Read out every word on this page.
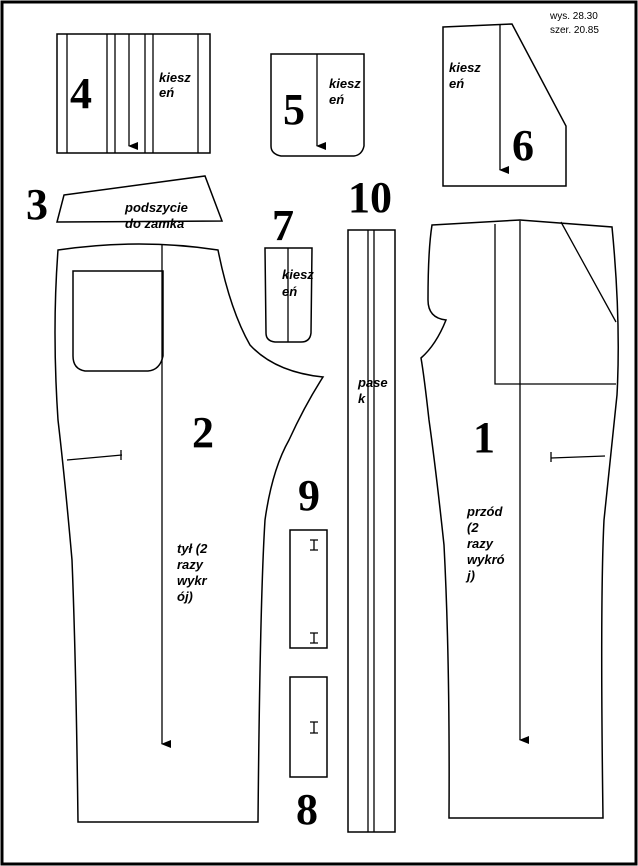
wys. 28.30
szer. 20.85
4	kiesz
eń 5
kiesz
eń
6
kiesz
eń
3	podszycie
do zamka 7
kiesz
eń
10
pase
k
9
8
2
tył (2
razy
wykr
ój)
1
przód
(2
razy
wykró
j)
